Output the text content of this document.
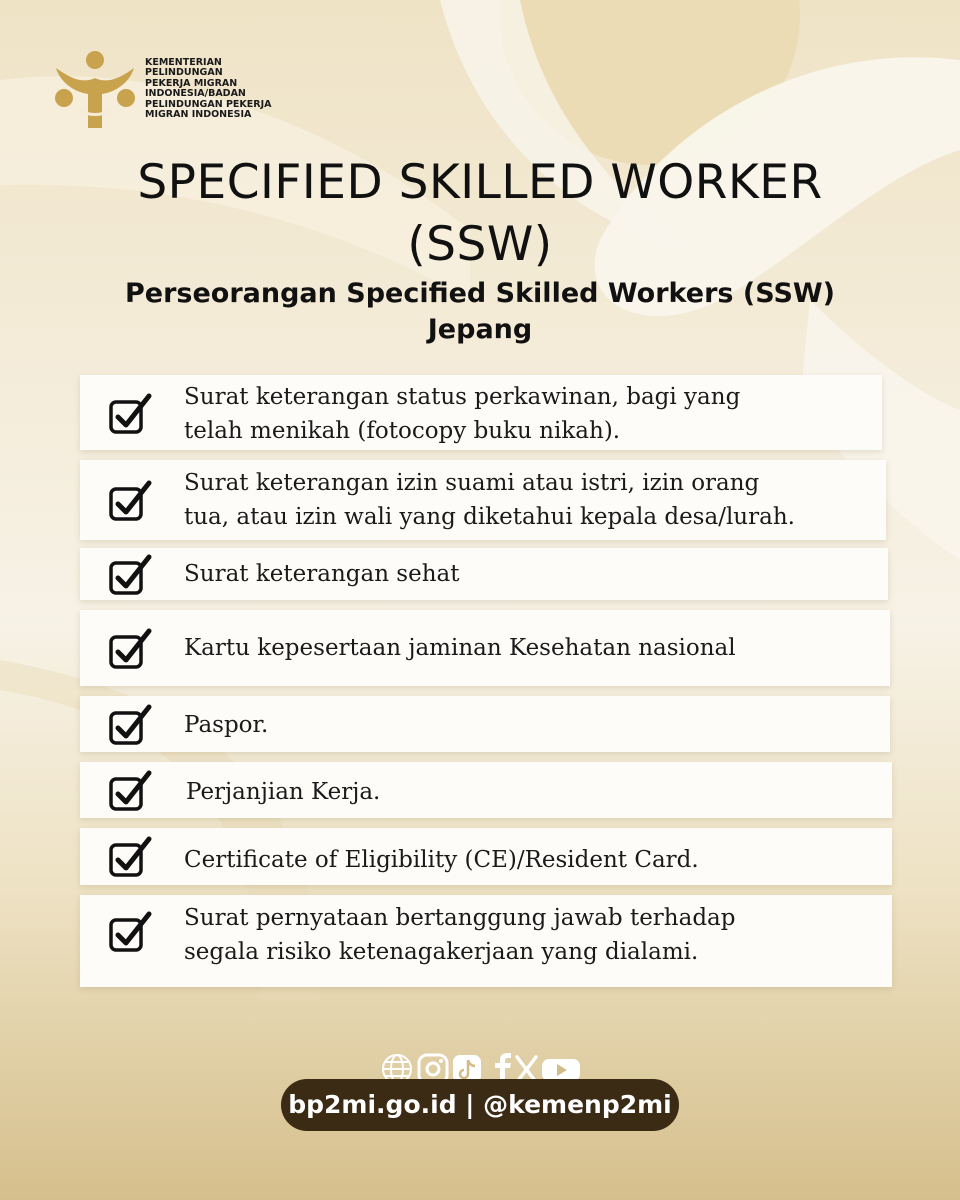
KEMENTERIAN
PELINDUNGAN
PEKERJA MIGRAN
INDONESIA/BADAN
PELINDUNGAN PEKERJA
MIGRAN INDONESIA

SPECIFIED SKILLED WORKER
(SSW)
Perseorangan Specified Skilled Workers (SSW)
Jepang
Surat keterangan status perkawinan, bagi yang
telah menikah (fotocopy buku nikah).
Surat keterangan izin suami atau istri, izin orang
tua, atau izin wali yang diketahui kepala desa/lurah.
Surat keterangan sehat
Kartu kepesertaan jaminan Kesehatan nasional
Paspor.
Perjanjian Kerja.
Certificate of Eligibility (CE)/Resident Card.
Surat pernyataan bertanggung jawab terhadap
segala risiko ketenagakerjaan yang dialami.
bp2mi.go.id | @kemenp2mi
